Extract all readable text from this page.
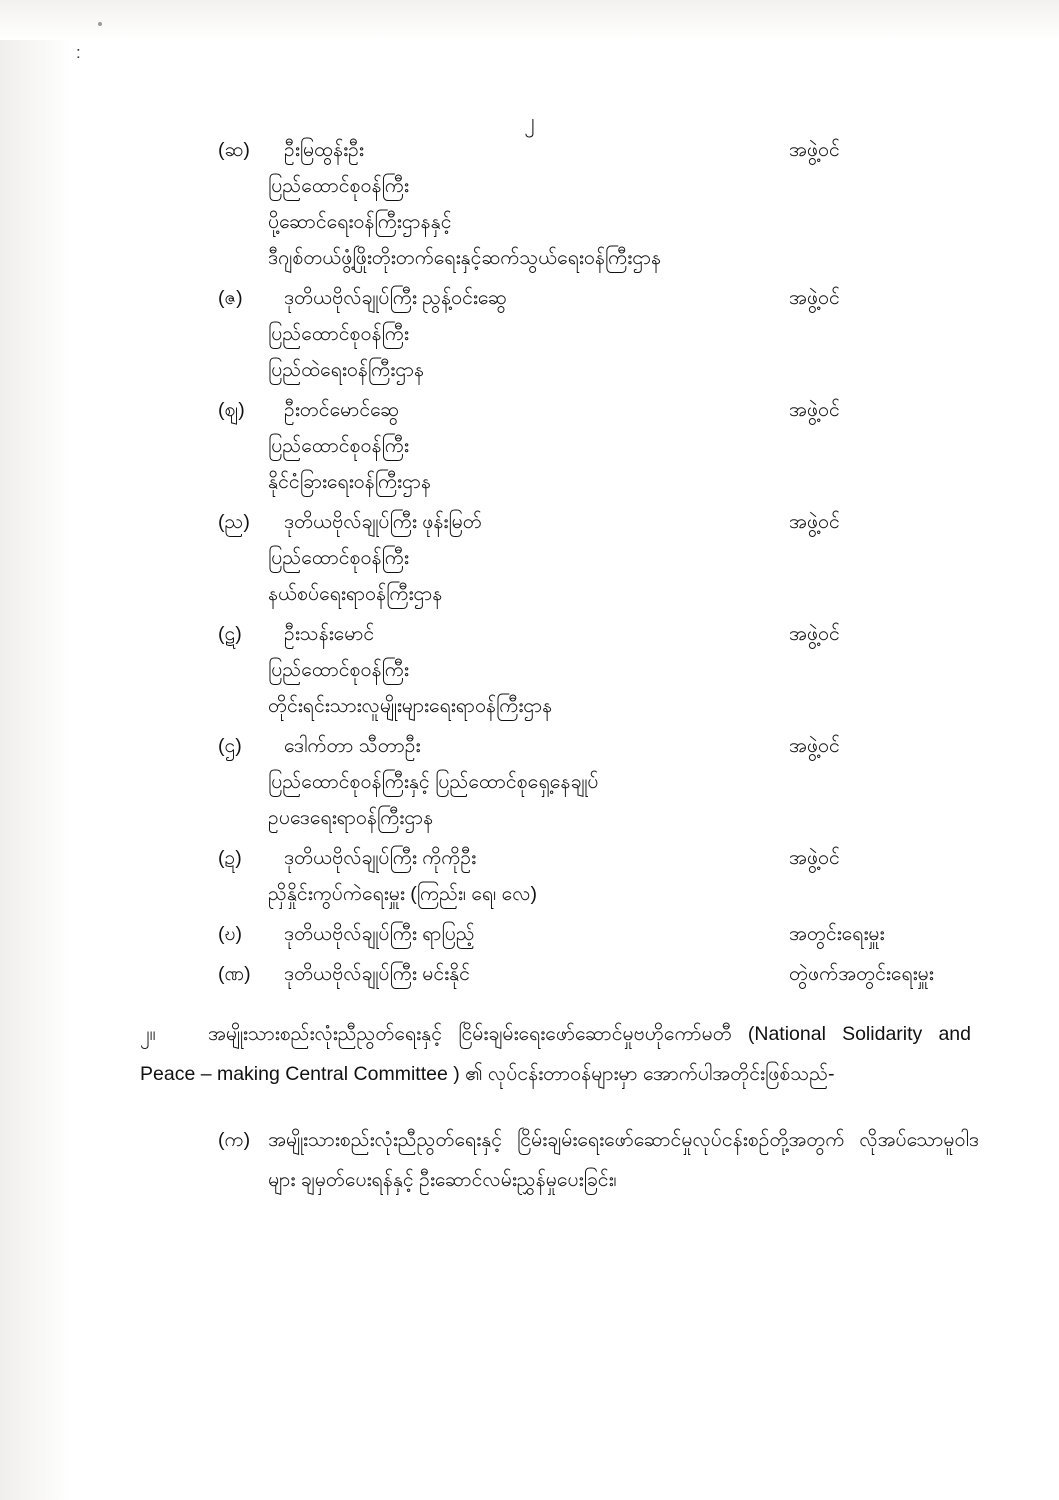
:
၂
(ဆ)	ဦးမြထွန်းဦး	အဖွဲ့ဝင်
ပြည်ထောင်စုဝန်ကြီး
ပို့ဆောင်ရေးဝန်ကြီးဌာနနှင့်
ဒီဂျစ်တယ်ဖွံ့ဖြိုးတိုးတက်ရေးနှင့်ဆက်သွယ်ရေးဝန်ကြီးဌာန
(ဇ)	ဒုတိယဗိုလ်ချုပ်ကြီး ညွန့်ဝင်းဆွေ	အဖွဲ့ဝင်
ပြည်ထောင်စုဝန်ကြီး
ပြည်ထဲရေးဝန်ကြီးဌာန
(ဈ)	ဦးတင်မောင်ဆွေ	အဖွဲ့ဝင်
ပြည်ထောင်စုဝန်ကြီး
နိုင်ငံခြားရေးဝန်ကြီးဌာန
(ည)	ဒုတိယဗိုလ်ချုပ်ကြီး ဖုန်းမြတ်	အဖွဲ့ဝင်
ပြည်ထောင်စုဝန်ကြီး
နယ်စပ်ရေးရာဝန်ကြီးဌာန
(ဋ)	ဦးသန်းမောင်	အဖွဲ့ဝင်
ပြည်ထောင်စုဝန်ကြီး
တိုင်းရင်းသားလူမျိုးများရေးရာဝန်ကြီးဌာန
(ဌ)	ဒေါက်တာ သီတာဦး	အဖွဲ့ဝင်
ပြည်ထောင်စုဝန်ကြီးနှင့် ပြည်ထောင်စုရှေ့နေချုပ်
ဥပဒေရေးရာဝန်ကြီးဌာန
(ဍ)	ဒုတိယဗိုလ်ချုပ်ကြီး ကိုကိုဦး	အဖွဲ့ဝင်
ညှိနှိုင်းကွပ်ကဲရေးမှူး (ကြည်း၊ ရေ၊ လေ)
(ဎ)	ဒုတိယဗိုလ်ချုပ်ကြီး ရာပြည့်	အတွင်းရေးမှူး
(ဏ)	ဒုတိယဗိုလ်ချုပ်ကြီး မင်းနိုင်	တွဲဖက်အတွင်းရေးမှူး
၂။	အမျိုးသားစည်းလုံးညီညွတ်ရေးနှင့် ငြိမ်းချမ်းရေးဖော်ဆောင်မှုဗဟိုကော်မတီ (National Solidarity and Peace – making Central Committee ) ၏ လုပ်ငန်းတာဝန်များမှာ အောက်ပါအတိုင်းဖြစ်သည်-
(က) အမျိုးသားစည်းလုံးညီညွတ်ရေးနှင့် ငြိမ်းချမ်းရေးဖော်ဆောင်မှုလုပ်ငန်းစဉ်တို့အတွက် လိုအပ်သောမူဝါဒများ ချမှတ်ပေးရန်နှင့် ဦးဆောင်လမ်းညွှန်မှုပေးခြင်း၊
